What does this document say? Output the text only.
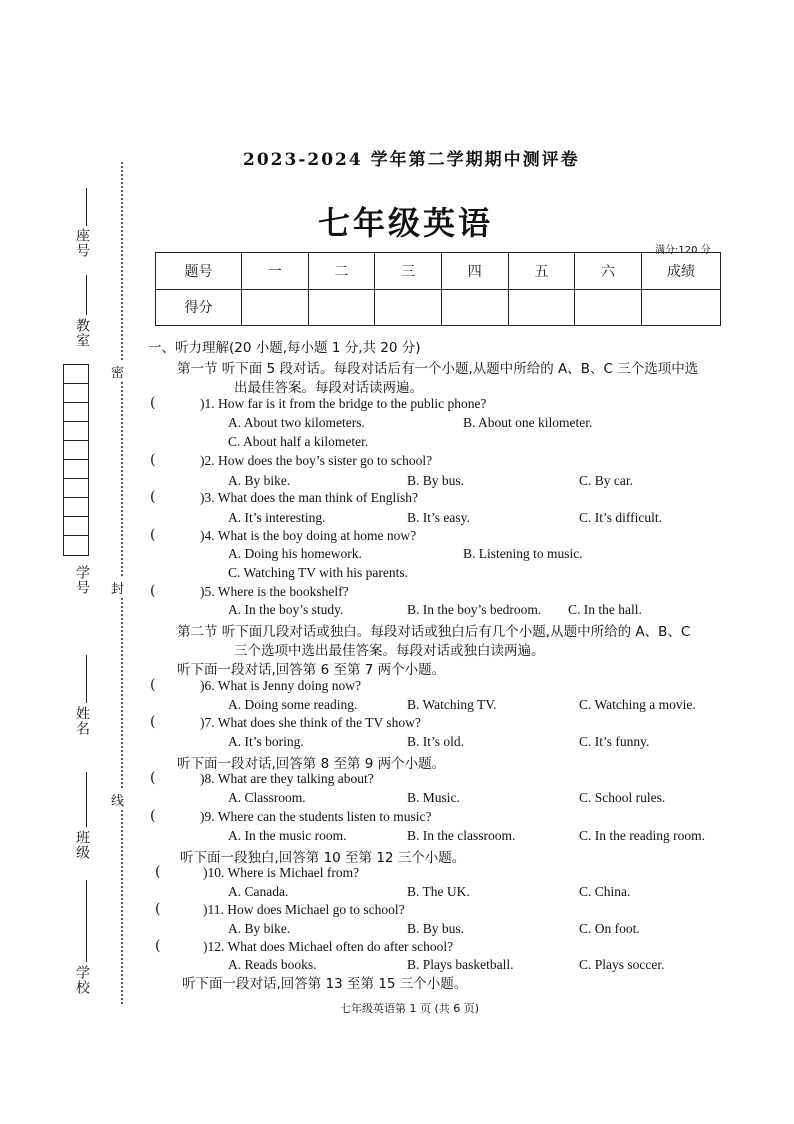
座号
教室
学号
姓名
班级
学校
密
封
线
2023-2024 学年第二学期期中测评卷
七年级英语
满分:120 分
题号	一	二	三	四	五	六	成绩
得分							
一、听力理解(20 小题,每小题 1 分,共 20 分)
第一节 听下面 5 段对话。每段对话后有一个小题,从题中所给的 A、B、C 三个选项中选
出最佳答案。每段对话读两遍。
(	)1. How far is it from the bridge to the public phone?
A. About two kilometers.	B. About one kilometer.
C. About half a kilometer.
(	)2. How does the boy’s sister go to school?
A. By bike.	B. By bus.	C. By car.
(	)3. What does the man think of English?
A. It’s interesting.	B. It’s easy.	C. It’s difficult.
(	)4. What is the boy doing at home now?
A. Doing his homework.	B. Listening to music.
C. Watching TV with his parents.
(	)5. Where is the bookshelf?
A. In the boy’s study.	B. In the boy’s bedroom. C. In the hall.
(	)6. What is Jenny doing now?
A. Doing some reading.	B. Watching TV.	C. Watching a movie.
(	)7. What does she think of the TV show?
A. It’s boring.	B. It’s old.	C. It’s funny.
(	)8. What are they talking about?
A. Classroom.	B. Music.	C. School rules.
(	)9. Where can the students listen to music?
A. In the music room.	B. In the classroom.	C. In the reading room.
(	)10. Where is Michael from?
A. Canada.	B. The UK.	C. China.
(	)11. How does Michael go to school?
A. By bike.	B. By bus.	C. On foot.
(	)12. What does Michael often do after school?
A. Reads books.	B. Plays basketball.	C. Plays soccer.
第二节 听下面几段对话或独白。每段对话或独白后有几个小题,从题中所给的 A、B、C
三个选项中选出最佳答案。每段对话或独白读两遍。
听下面一段对话,回答第 6 至第 7 两个小题。
听下面一段对话,回答第 8 至第 9 两个小题。
听下面一段独白,回答第 10 至第 12 三个小题。
听下面一段对话,回答第 13 至第 15 三个小题。
七年级英语第 1 页 (共 6 页)
